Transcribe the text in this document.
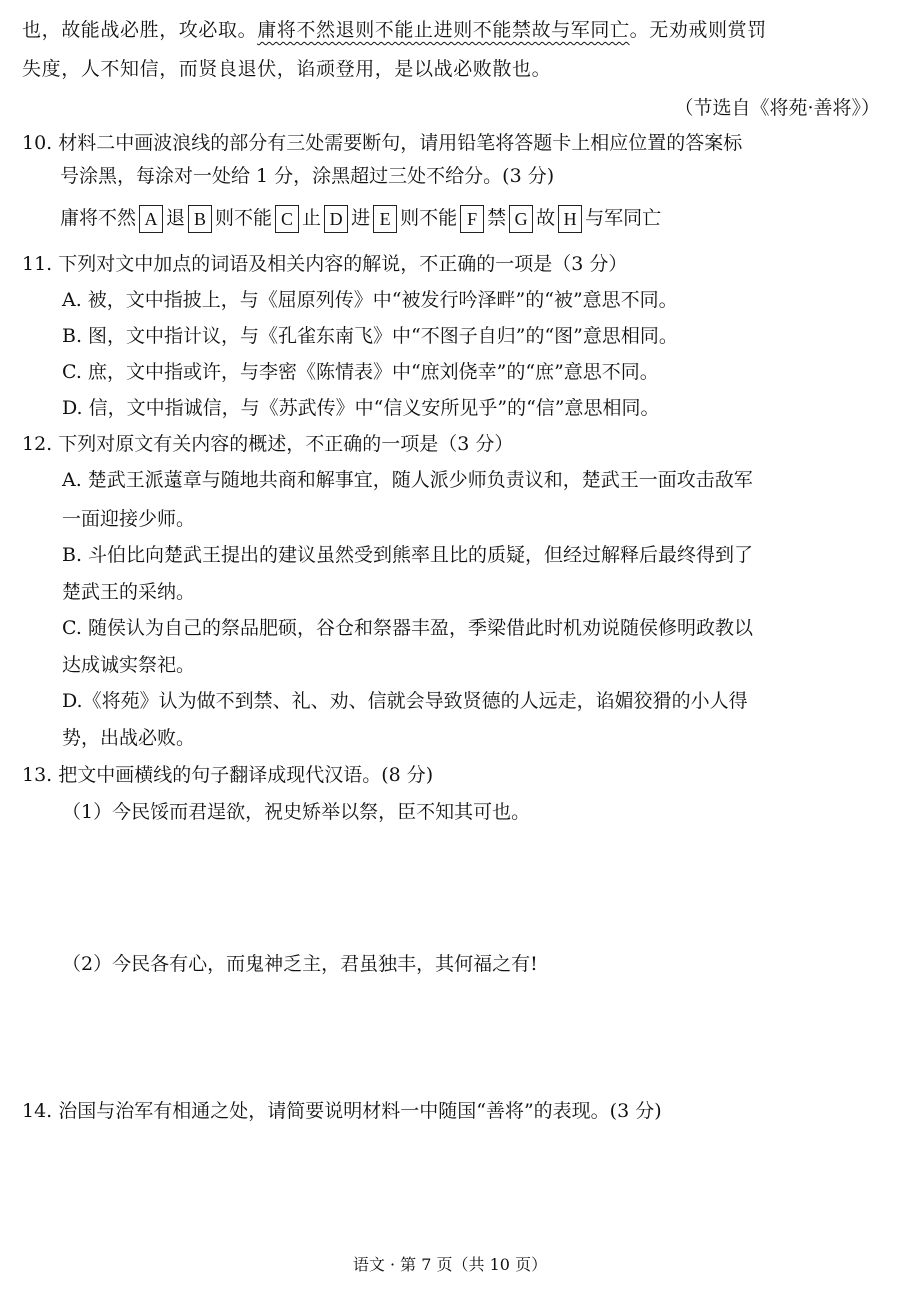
也，故能战必胜，攻必取。庸将不然退则不能止进则不能禁故与军同亡。无劝戒则赏罚
失度，人不知信，而贤良退伏，谄顽登用，是以战必败散也。
（节选自《将苑·善将》）
10. 材料二中画波浪线的部分有三处需要断句，请用铅笔将答题卡上相应位置的答案标
号涂黑，每涂对一处给 1 分，涂黑超过三处不给分。(3 分)
庸将不然 A 退 B 则不能 C 止 D 进 E 则不能 F 禁 G 故 H 与军同亡
11. 下列对文中加点的词语及相关内容的解说，不正确的一项是（3 分）
A. 被，文中指披上，与《屈原列传》中“被发行吟泽畔”的“被”意思不同。
B. 图，文中指计议，与《孔雀东南飞》中“不图子自归”的“图”意思相同。
C. 庶，文中指或许，与李密《陈情表》中“庶刘侥幸”的“庶”意思不同。
D. 信，文中指诚信，与《苏武传》中“信义安所见乎”的“信”意思相同。
12. 下列对原文有关内容的概述，不正确的一项是（3 分）
A. 楚武王派薳章与随地共商和解事宜，随人派少师负责议和，楚武王一面攻击敌军
一面迎接少师。
B. 斗伯比向楚武王提出的建议虽然受到熊率且比的质疑，但经过解释后最终得到了
楚武王的采纳。
C. 随侯认为自己的祭品肥硕，谷仓和祭器丰盈，季梁借此时机劝说随侯修明政教以
达成诚实祭祀。
D.《将苑》认为做不到禁、礼、劝、信就会导致贤德的人远走，谄媚狡猾的小人得
势，出战必败。
13. 把文中画横线的句子翻译成现代汉语。(8 分)
（1）今民馁而君逞欲，祝史矫举以祭，臣不知其可也。
（2）今民各有心，而鬼神乏主，君虽独丰，其何福之有!
14. 治国与治军有相通之处，请简要说明材料一中随国“善将”的表现。(3 分)
语文 · 第 7 页（共 10 页）
